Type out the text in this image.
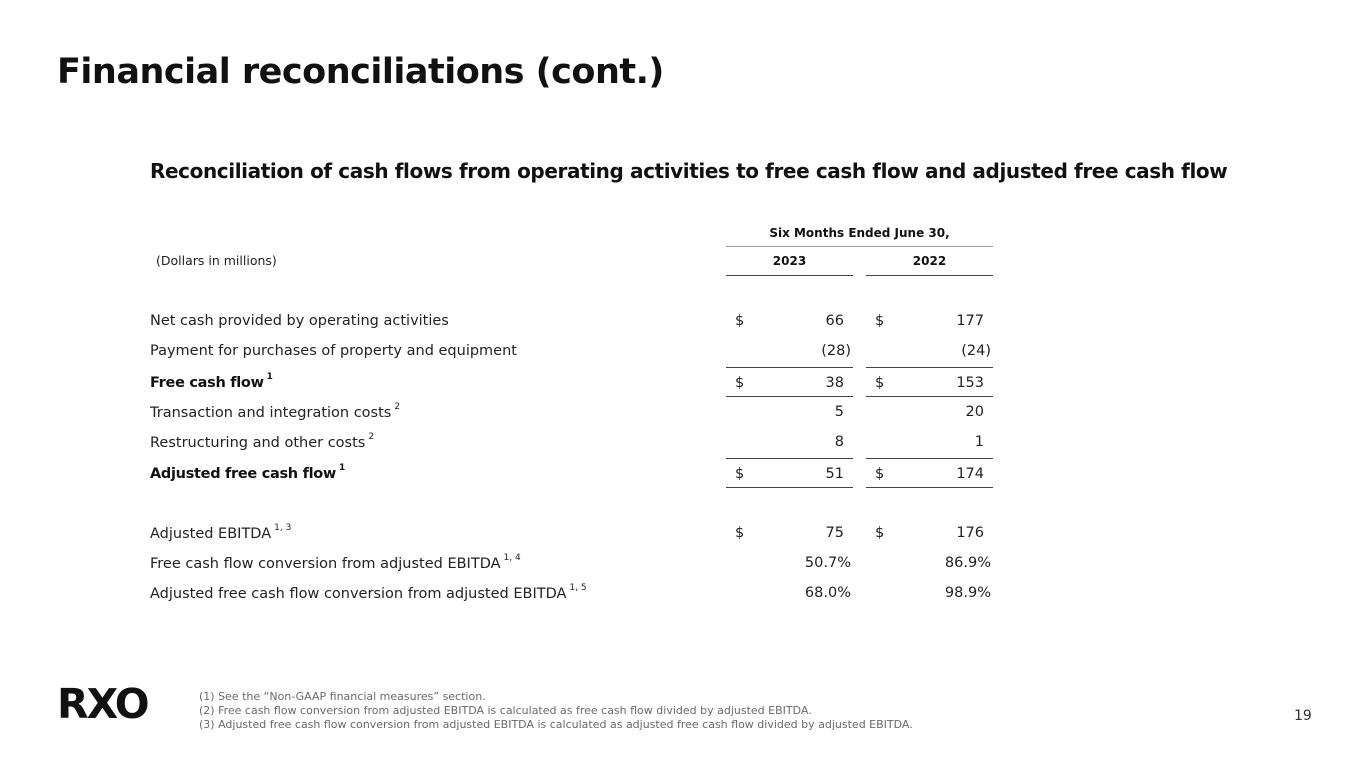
Financial reconciliations (cont.)
Reconciliation of cash flows from operating activities to free cash flow and adjusted free cash flow
Six Months Ended June 30,
2023	2022
(Dollars in millions)
Net cash provided by operating activities	$	66 $	177
Payment for purchases of property and equipment	(28)	(24)
Free cash flow $^1$	$	38 $	153
Transaction and integration costs $^2$	5	20
Restructuring and other costs $^2$	8	1
Adjusted free cash flow $^1$	$	51 $	174
Adjusted EBITDA $^{1, 3}$	$	75 $	176
Free cash flow conversion from adjusted EBITDA $^{1, 4}$	50.7%	86.9%
Adjusted free cash flow conversion from adjusted EBITDA $^{1, 5}$	68.0%	98.9%
RXO	(1) See the “Non-GAAP financial measures” section.
(2) Free cash flow conversion from adjusted EBITDA is calculated as free cash flow divided by adjusted EBITDA.
(3) Adjusted free cash flow conversion from adjusted EBITDA is calculated as adjusted free cash flow divided by adjusted EBITDA.
19
